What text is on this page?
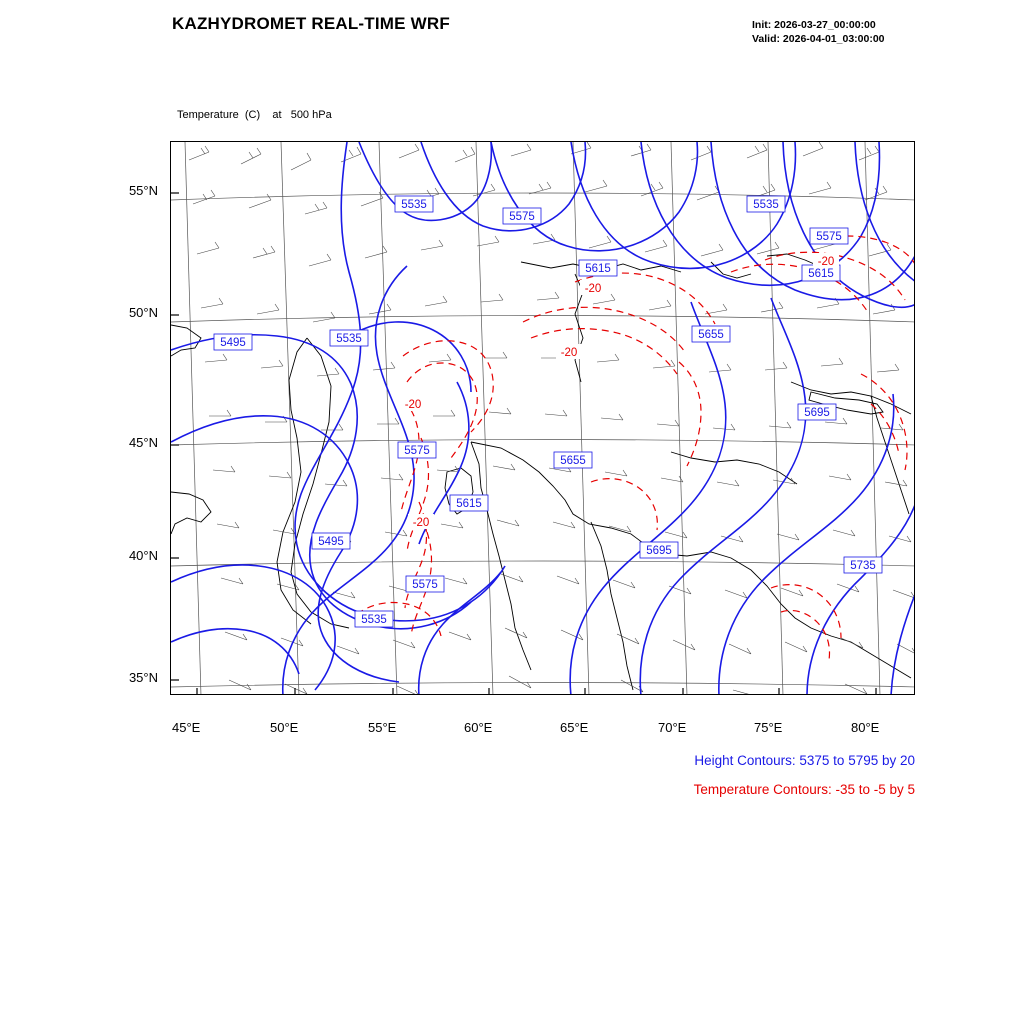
KAZHYDROMET REAL-TIME WRF	Init: 2026-03-27_00:00:00
Valid: 2026-04-01_03:00:00

Temperature  (C)    at   500 hPa

55°N
50°N
45°N
40°N
35°N
45°E	50°E	55°E	60°E	65°E	70°E	75°E	80°E
Height Contours: 5375 to 5795 by 20
Temperature Contours: -35 to -5 by 5
5535
5575
5535
5575
5615	5615
5495	5535	5655
5695
5575
5655
5615
5495
5695
5735
5575
5535
-20
-20
-20
-20
-20
